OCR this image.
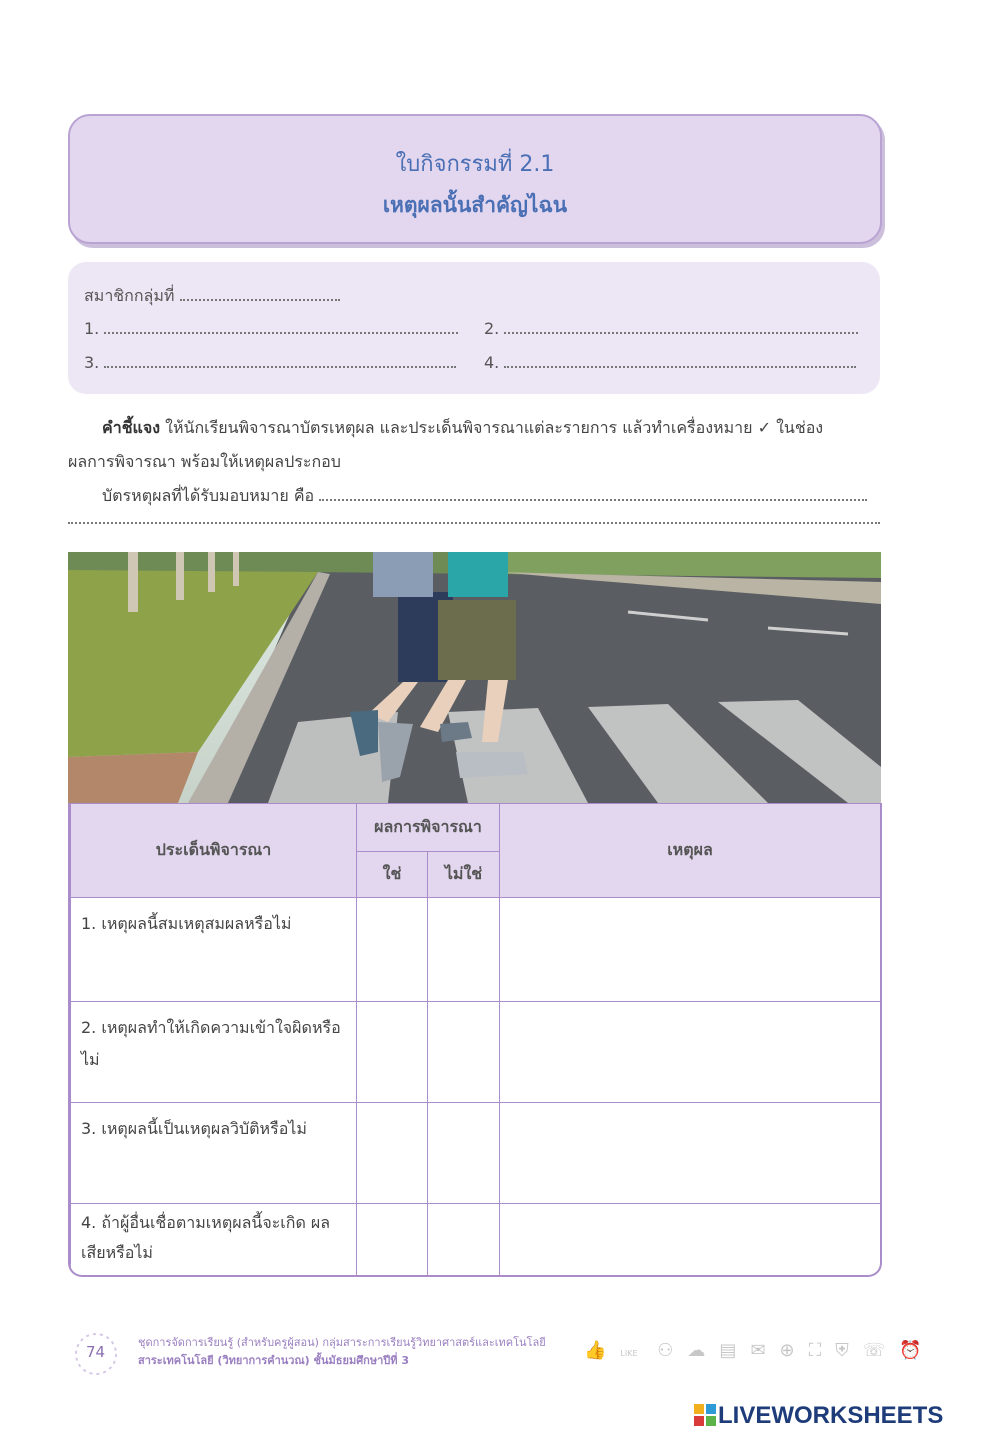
ใบกิจกรรมที่ 2.1
เหตุผลนั้นสำคัญไฉน
สมาชิกกลุ่มที่
1.	2.
3.	4.
คำชี้แจง ให้นักเรียนพิจารณาบัตรเหตุผล และประเด็นพิจารณาแต่ละรายการ แล้วทำเครื่องหมาย ✓ ในช่อง
ผลการพิจารณา พร้อมให้เหตุผลประกอบ
บัตรหตุผลที่ได้รับมอบหมาย คือ
ประเด็นพิจารณา	ผลการพิจารณา		เหตุผล
	ใช่	ไม่ใช่	
1. เหตุผลนี้สมเหตุสมผลหรือไม่			
2. เหตุผลทำให้เกิดความเข้าใจผิดหรือไม่			
3. เหตุผลนี้เป็นเหตุผลวิบัติหรือไม่			
4. ถ้าผู้อื่นเชื่อตามเหตุผลนี้จะเกิด ผลเสียหรือไม่			
74
ชุดการจัดการเรียนรู้ (สำหรับครูผู้สอน) กลุ่มสาระการเรียนรู้วิทยาศาสตร์และเทคโนโลยี
สาระเทคโนโลยี (วิทยาการคำนวณ) ชั้นมัธยมศึกษาปีที่ 3	👍LIKE ⚇☁▤✉⊕⛶⛨☏⏰
LIVEWORKSHEETS
